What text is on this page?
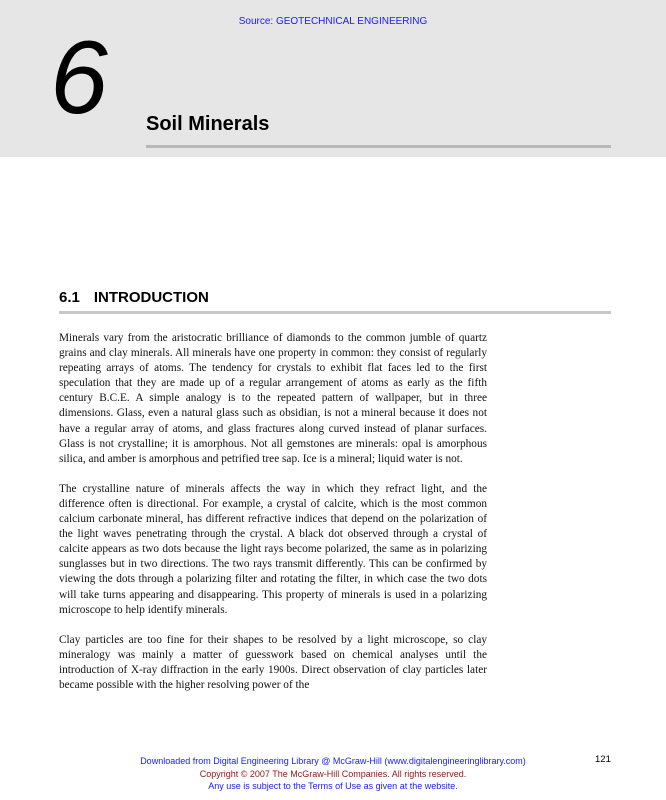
Source: GEOTECHNICAL ENGINEERING
6 Soil Minerals
6.1 INTRODUCTION

Minerals vary from the aristocratic brilliance of diamonds to the common jumble of quartz grains and clay minerals. All minerals have one property in common: they consist of regularly repeating arrays of atoms. The tendency for crystals to exhibit flat faces led to the first speculation that they are made up of a regular arrangement of atoms as early as the fifth century B.C.E. A simple analogy is to the repeated pattern of wallpaper, but in three dimensions. Glass, even a natural glass such as obsidian, is not a mineral because it does not have a regular array of atoms, and glass fractures along curved instead of planar surfaces. Glass is not crystalline; it is amorphous. Not all gemstones are minerals: opal is amorphous silica, and amber is amorphous and petrified tree sap. Ice is a mineral; liquid water is not.

The crystalline nature of minerals affects the way in which they refract light, and the difference often is directional. For example, a crystal of calcite, which is the most common calcium carbonate mineral, has different refractive indices that depend on the polarization of the light waves penetrating through the crystal. A black dot observed through a crystal of calcite appears as two dots because the light rays become polarized, the same as in polarizing sunglasses but in two directions. The two rays transmit differently. This can be confirmed by viewing the dots through a polarizing filter and rotating the filter, in which case the two dots will take turns appearing and disappearing. This property of minerals is used in a polarizing microscope to help identify minerals.

Clay particles are too fine for their shapes to be resolved by a light microscope, so clay mineralogy was mainly a matter of guesswork based on chemical analyses until the introduction of X-ray diffraction in the early 1900s. Direct observation of clay particles later became possible with the higher resolving power of the

Downloaded from Digital Engineering Library @ McGraw-Hill (www.digitalengineeringlibrary.com)
Copyright © 2007 The McGraw-Hill Companies. All rights reserved.
Any use is subject to the Terms of Use as given at the website.
121
